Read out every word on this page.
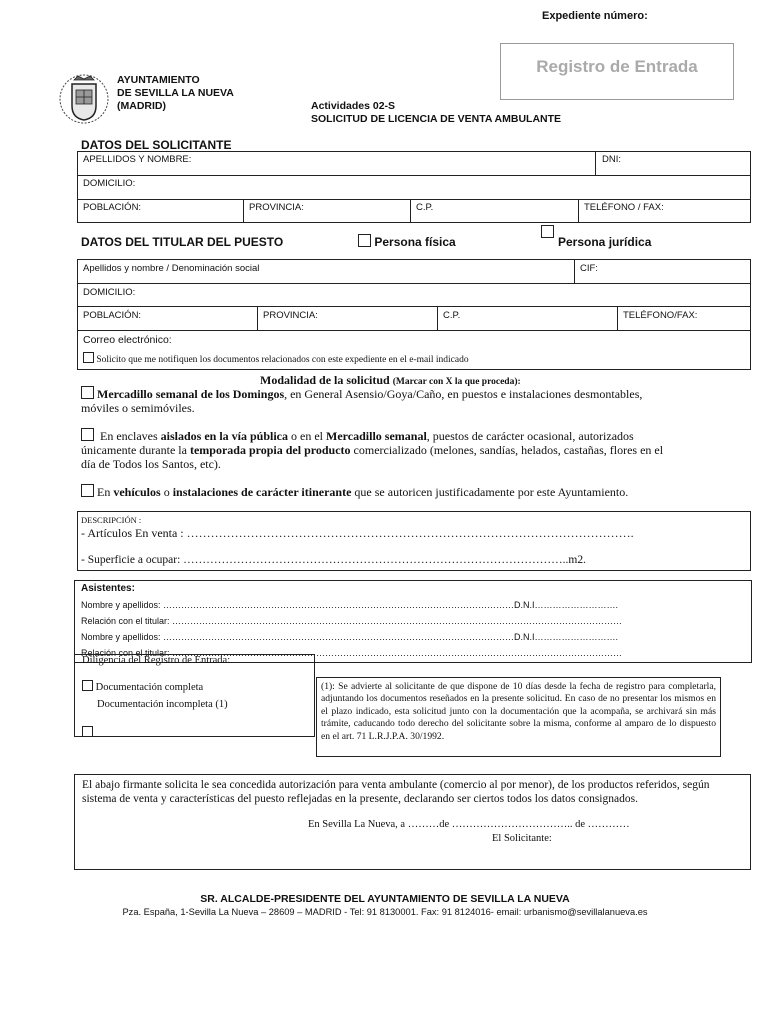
Expediente número:
Registro de Entrada
AYUNTAMIENTO
DE SEVILLA LA NUEVA
(MADRID)	Actividades 02-S
SOLICITUD DE LICENCIA DE VENTA AMBULANTE
DATOS DEL SOLICITANTE
APELLIDOS Y NOMBRE:	DNI:
DOMICILIO:
POBLACIÓN:	PROVINCIA:	C.P.	TELÉFONO / FAX:
DATOS DEL TITULAR DEL PUESTO	Persona física	Persona jurídica
Apellidos y nombre / Denominación social	CIF:
DOMICILIO:
POBLACIÓN:	PROVINCIA:	C.P.	TELÉFONO/FAX:
Correo electrónico:
Solicito que me notifiquen los documentos relacionados con este expediente en el e-mail indicado
Modalidad de la solicitud (Marcar con X la que proceda):
Mercadillo semanal de los Domingos, en General Asensio/Goya/Caño, en puestos e instalaciones desmontables,
móviles o semimóviles.
En enclaves aislados en la vía pública o en el Mercadillo semanal, puestos de carácter ocasional, autorizados
únicamente durante la temporada propia del producto comercializado (melones, sandías, helados, castañas, flores en el
día de Todos los Santos, etc).
En vehículos o instalaciones de carácter itinerante que se autoricen justificadamente por este Ayuntamiento.
DESCRIPCIÓN :
- Artículos En venta : ………………………………………………………………………………………………….
- Superficie a ocupar: ………………………………………………………………………………………..m2.
Asistentes:
Nombre y apellidos: ………………………………………………………………………………………………………D.N.I……………………….
Relación con el titular: ……………………………………………………………………………………………………………………………………
Nombre y apellidos: ………………………………………………………………………………………………………D.N.I……………………….
Relación con el titular: ……………………………………………………………………………………………………………………………………
Diligencia del Registro de Entrada:
Documentación completa
Documentación incompleta (1)
(1): Se advierte al solicitante de que dispone de 10 días desde la fecha de registro para completarla, adjuntando los documentos reseñados en la presente solicitud. En caso de no presentar los mismos en el plazo indicado, esta solicitud junto con la documentación que la acompaña, se archivará sin más trámite, caducando todo derecho del solicitante sobre la misma, conforme al amparo de lo dispuesto en el art. 71 L.R.J.P.A. 30/1992.
El abajo firmante solicita le sea concedida autorización para venta ambulante (comercio al por menor), de los productos referidos, según sistema de venta y características del puesto reflejadas en la presente, declarando ser ciertos todos los datos consignados.
En Sevilla La Nueva, a ………de …………………………….. de …………
El Solicitante:
SR. ALCALDE-PRESIDENTE DEL AYUNTAMIENTO DE SEVILLA LA NUEVA
Pza. España, 1-Sevilla La Nueva – 28609 – MADRID - Tel: 91 8130001. Fax: 91 8124016- email: urbanismo@sevillalanueva.es
